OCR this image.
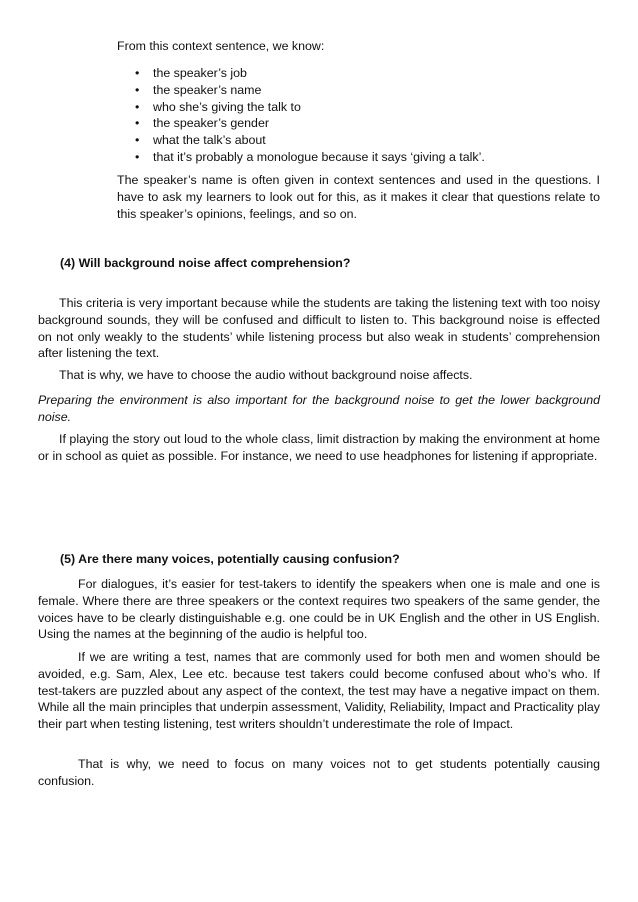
From this context sentence, we know:

• the speaker’s job
• the speaker’s name
• who she’s giving the talk to
• the speaker’s gender
• what the talk’s about
• that it’s probably a monologue because it says ‘giving a talk’.

The speaker’s name is often given in context sentences and used in the questions. I have to ask my learners to look out for this, as it makes it clear that questions relate to this speaker’s opinions, feelings, and so on.

(4) Will background noise affect comprehension?

This criteria is very important because while the students are taking the listening text with too noisy background sounds, they will be confused and difficult to listen to. This background noise is effected on not only weakly to the students’ while listening process but also weak in students’ comprehension after listening the text.

That is why, we have to choose the audio without background noise affects.

Preparing the environment is also important for the background noise to get the lower background noise.

If playing the story out loud to the whole class, limit distraction by making the environment at home or in school as quiet as possible. For instance, we need to use headphones for listening if appropriate.

(5) Are there many voices, potentially causing confusion?

For dialogues, it’s easier for test-takers to identify the speakers when one is male and one is female. Where there are three speakers or the context requires two speakers of the same gender, the voices have to be clearly distinguishable e.g. one could be in UK English and the other in US English. Using the names at the beginning of the audio is helpful too.

If we are writing a test, names that are commonly used for both men and women should be avoided, e.g. Sam, Alex, Lee etc. because test takers could become confused about who’s who. If test-takers are puzzled about any aspect of the context, the test may have a negative impact on them. While all the main principles that underpin assessment, Validity, Reliability, Impact and Practicality play their part when testing listening, test writers shouldn’t underestimate the role of Impact.

That is why, we need to focus on many voices not to get students potentially causing confusion.
